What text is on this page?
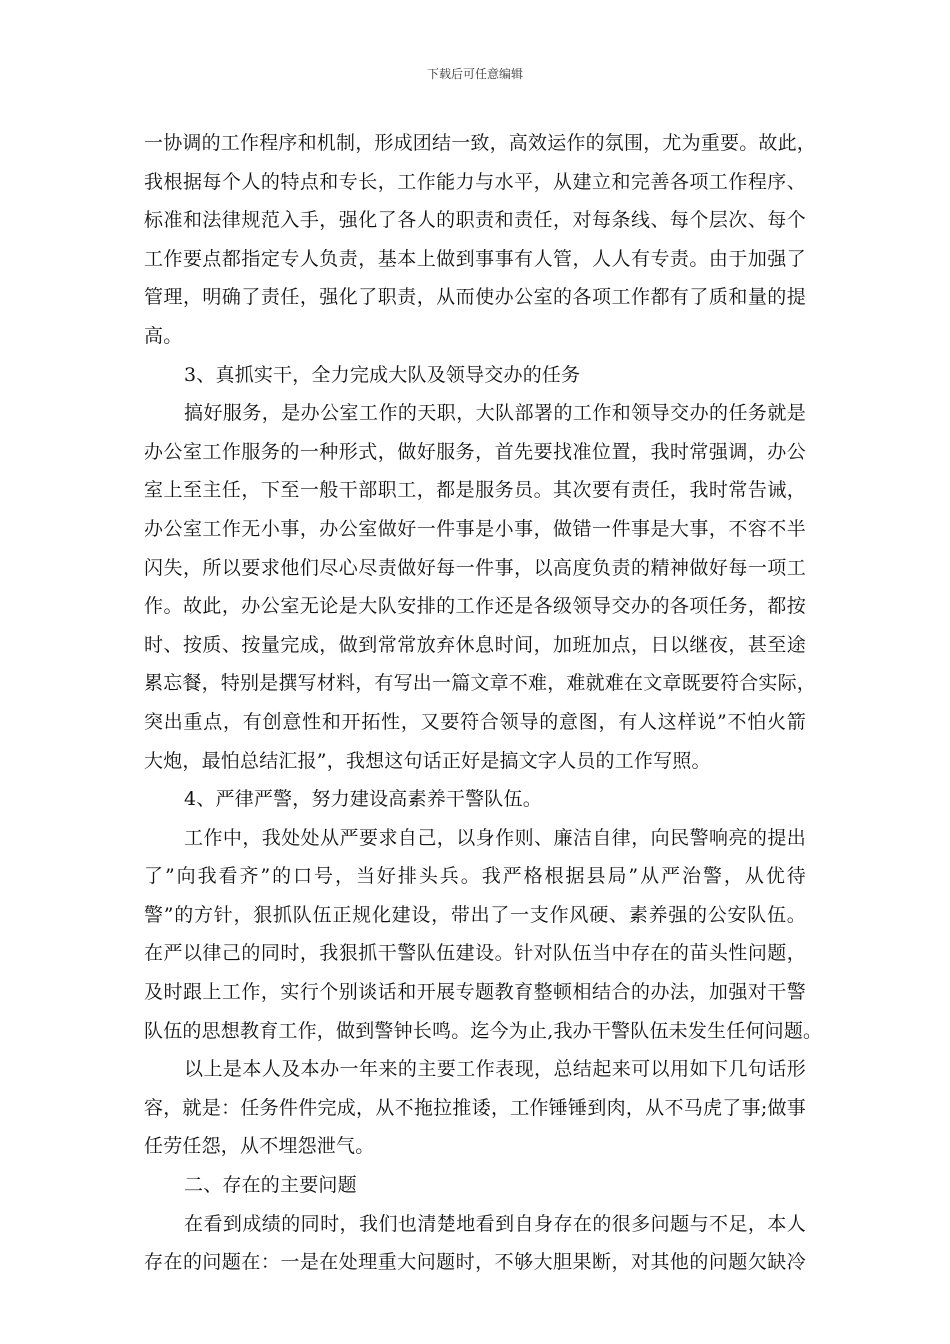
下载后可任意编辑
一协调的工作程序和机制，形成团结一致，高效运作的氛围，尤为重要。故此，
我根据每个人的特点和专长，工作能力与水平，从建立和完善各项工作程序、
标准和法律规范入手，强化了各人的职责和责任，对每条线、每个层次、每个
工作要点都指定专人负责，基本上做到事事有人管，人人有专责。由于加强了
管理，明确了责任，强化了职责，从而使办公室的各项工作都有了质和量的提
高。
3、真抓实干，全力完成大队及领导交办的任务
搞好服务，是办公室工作的天职，大队部署的工作和领导交办的任务就是
办公室工作服务的一种形式，做好服务，首先要找准位置，我时常强调，办公
室上至主任，下至一般干部职工，都是服务员。其次要有责任，我时常告诫，
办公室工作无小事，办公室做好一件事是小事，做错一件事是大事，不容不半
闪失，所以要求他们尽心尽责做好每一件事，以高度负责的精神做好每一项工
作。故此，办公室无论是大队安排的工作还是各级领导交办的各项任务，都按
时、按质、按量完成，做到常常放弃休息时间，加班加点，日以继夜，甚至途
累忘餐，特别是撰写材料，有写出一篇文章不难，难就难在文章既要符合实际，
突出重点，有创意性和开拓性，又要符合领导的意图，有人这样说”不怕火箭
大炮，最怕总结汇报”，我想这句话正好是搞文字人员的工作写照。
4、严律严警，努力建设高素养干警队伍。
工作中，我处处从严要求自己，以身作则、廉洁自律，向民警响亮的提出
了”向我看齐”的口号，当好排头兵。我严格根据县局”从严治警，从优待
警”的方针，狠抓队伍正规化建设，带出了一支作风硬、素养强的公安队伍。
在严以律己的同时，我狠抓干警队伍建设。针对队伍当中存在的苗头性问题，
及时跟上工作，实行个别谈话和开展专题教育整顿相结合的办法，加强对干警
队伍的思想教育工作，做到警钟长鸣。迄今为止,我办干警队伍未发生任何问题。
以上是本人及本办一年来的主要工作表现，总结起来可以用如下几句话形
容，就是：任务件件完成，从不拖拉推诿，工作锤锤到肉，从不马虎了事;做事
任劳任怨，从不埋怨泄气。
二、存在的主要问题
在看到成绩的同时，我们也清楚地看到自身存在的很多问题与不足，本人
存在的问题在：一是在处理重大问题时，不够大胆果断，对其他的问题欠缺冷
